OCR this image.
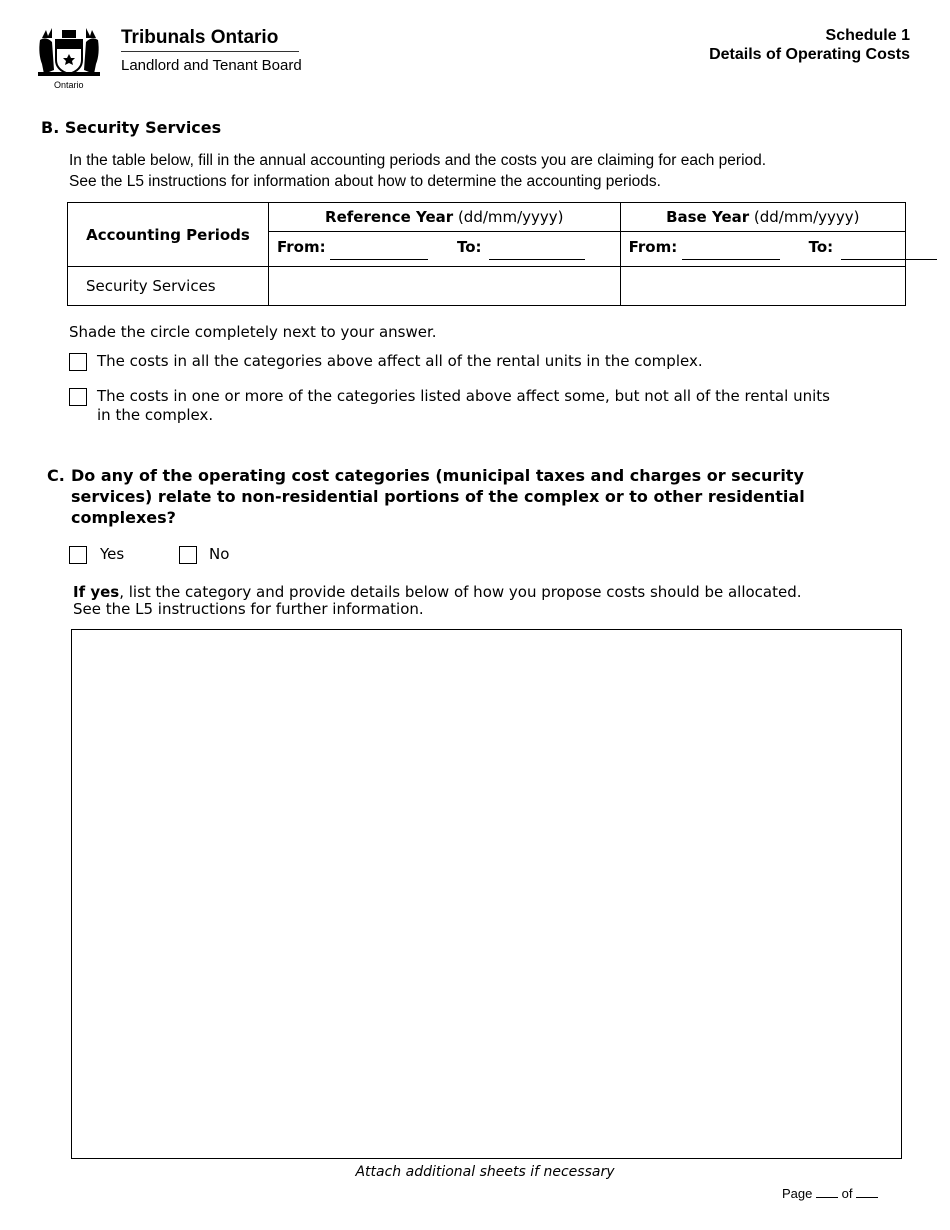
Ontario
Tribunals Ontario
Landlord and Tenant Board
Schedule 1
Details of Operating Costs
B. Security Services
In the table below, fill in the annual accounting periods and the costs you are claiming for each period.
See the L5 instructions for information about how to determine the accounting periods.
Accounting Periods	Reference Year (dd/mm/yyyy)	Base Year (dd/mm/yyyy)

	From: To:	From: To:

Security Services		
Shade the circle completely next to your answer.
The costs in all the categories above affect all of the rental units in the complex.
The costs in one or more of the categories listed above affect some, but not all of the rental units
in the complex.
C. Do any of the operating cost categories (municipal taxes and charges or security services) relate to non-residential portions of the complex or to other residential complexes?
Yes	No
If yes, list the category and provide details below of how you propose costs should be allocated.
See the L5 instructions for further information.
Attach additional sheets if necessary
Page of
